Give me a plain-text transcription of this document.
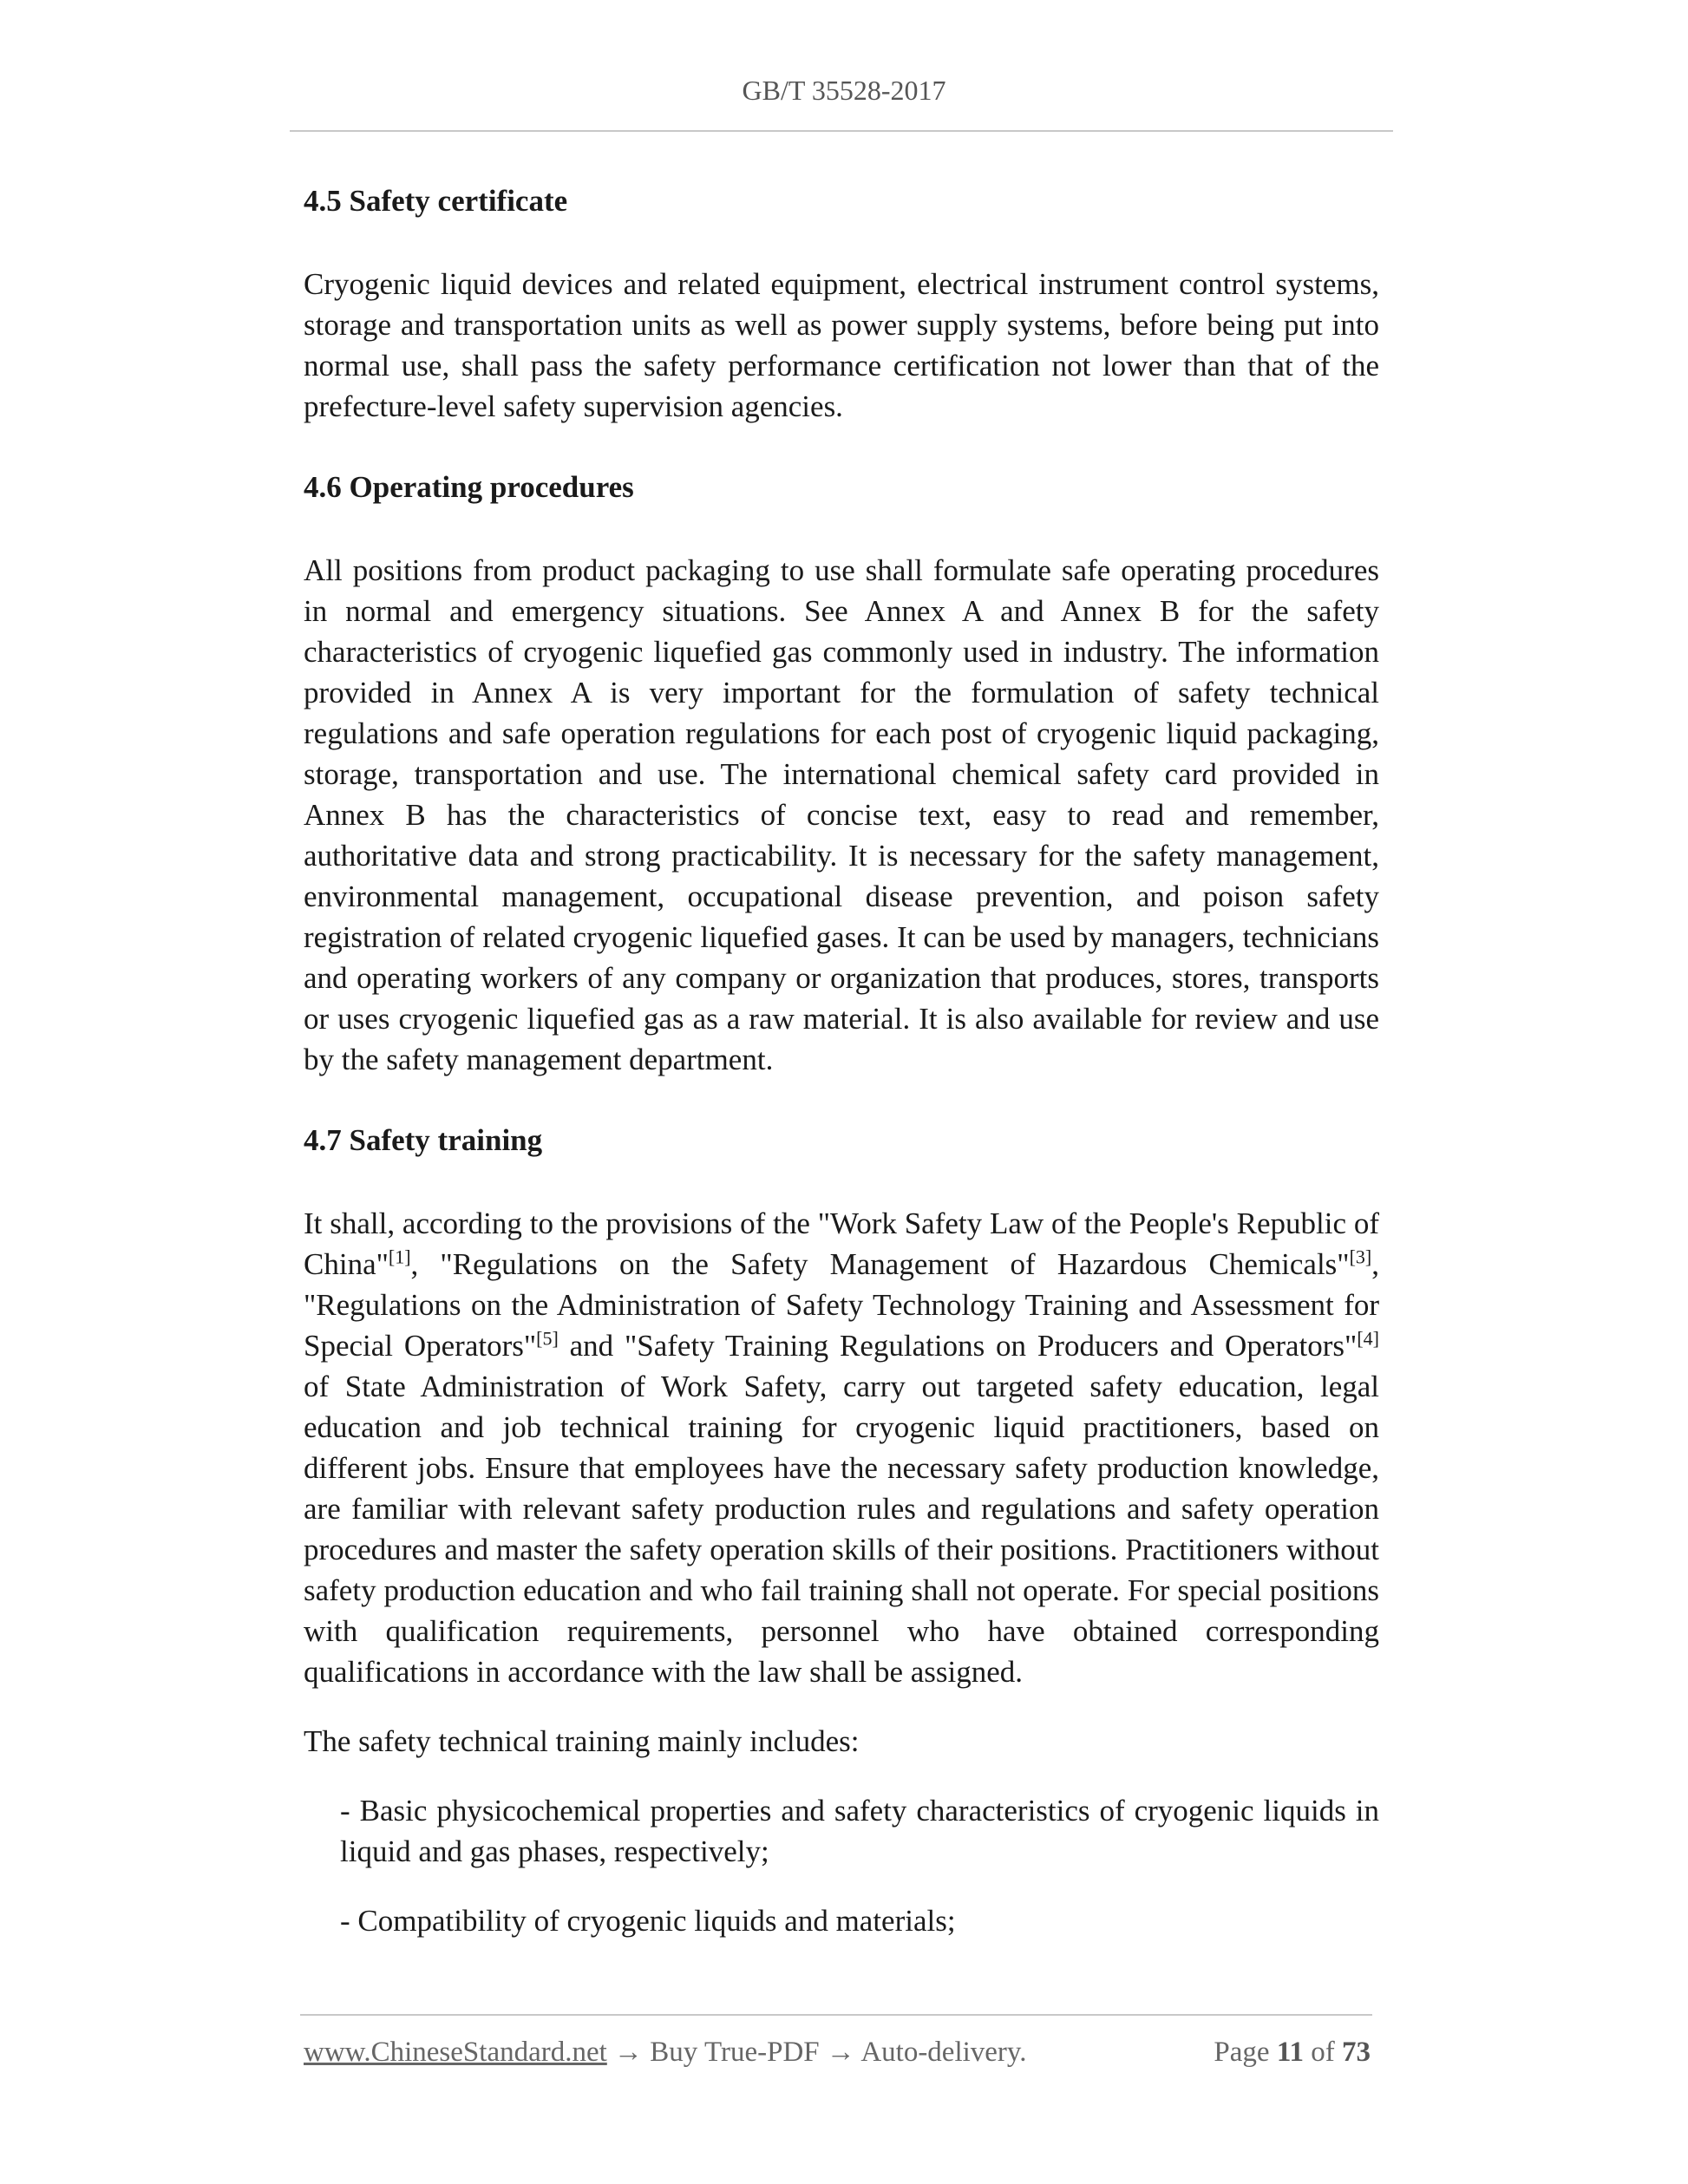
GB/T 35528-2017
4.5 Safety certificate

Cryogenic liquid devices and related equipment, electrical instrument control systems, storage and transportation units as well as power supply systems, before being put into normal use, shall pass the safety performance certification not lower than that of the prefecture-level safety supervision agencies.

4.6 Operating procedures

All positions from product packaging to use shall formulate safe operating procedures in normal and emergency situations. See Annex A and Annex B for the safety characteristics of cryogenic liquefied gas commonly used in industry. The information provided in Annex A is very important for the formulation of safety technical regulations and safe operation regulations for each post of cryogenic liquid packaging, storage, transportation and use. The international chemical safety card provided in Annex B has the characteristics of concise text, easy to read and remember, authoritative data and strong practicability. It is necessary for the safety management, environmental management, occupational disease prevention, and poison safety registration of related cryogenic liquefied gases. It can be used by managers, technicians and operating workers of any company or organization that produces, stores, transports or uses cryogenic liquefied gas as a raw material. It is also available for review and use by the safety management department.

4.7 Safety training

It shall, according to the provisions of the "Work Safety Law of the People's Republic of China"[1], "Regulations on the Safety Management of Hazardous Chemicals"[3], "Regulations on the Administration of Safety Technology Training and Assessment for Special Operators"[5] and "Safety Training Regulations on Producers and Operators"[4] of State Administration of Work Safety, carry out targeted safety education, legal education and job technical training for cryogenic liquid practitioners, based on different jobs. Ensure that employees have the necessary safety production knowledge, are familiar with relevant safety production rules and regulations and safety operation procedures and master the safety operation skills of their positions. Practitioners without safety production education and who fail training shall not operate. For special positions with qualification requirements, personnel who have obtained corresponding qualifications in accordance with the law shall be assigned.

The safety technical training mainly includes:

- Basic physicochemical properties and safety characteristics of cryogenic liquids in liquid and gas phases, respectively;

- Compatibility of cryogenic liquids and materials;

www.ChineseStandard.net → Buy True-PDF → Auto-delivery.	Page 11 of 73
